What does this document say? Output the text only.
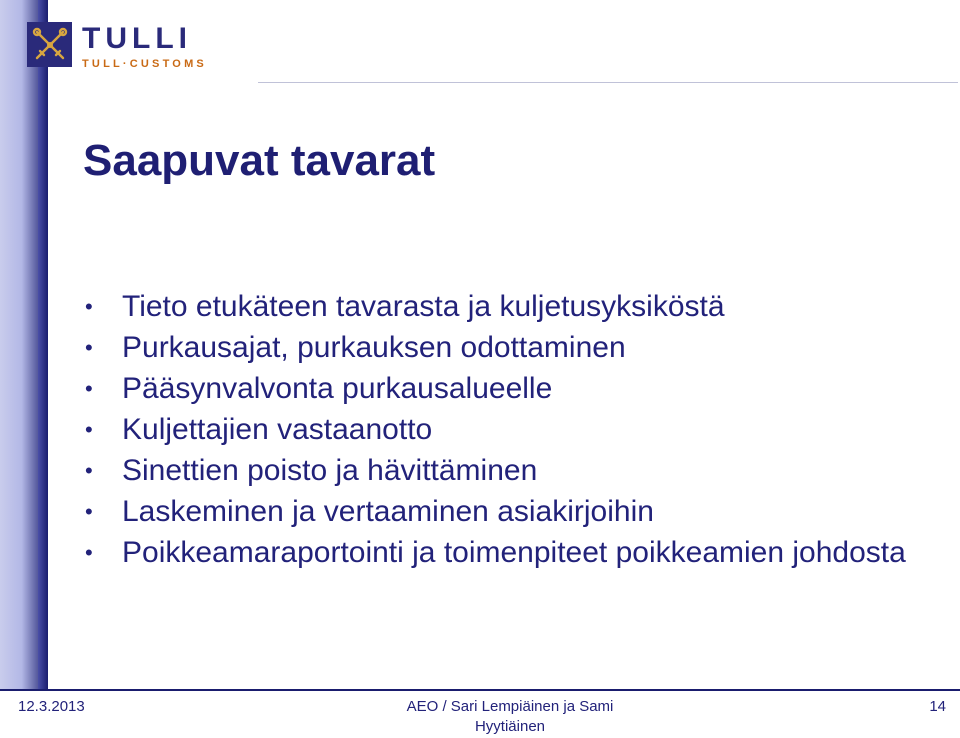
TULLI
TULL·CUSTOMS
Saapuvat tavarat
• Tieto etukäteen tavarasta ja kuljetusyksiköstä
• Purkausajat, purkauksen odottaminen
• Pääsynvalvonta purkausalueelle
• Kuljettajien vastaanotto
• Sinettien poisto ja hävittäminen
• Laskeminen ja vertaaminen asiakirjoihin
• Poikkeamaraportointi ja toimenpiteet poikkeamien johdosta
12.3.2013	AEO / Sari Lempiäinen ja Sami Hyytiäinen
14
